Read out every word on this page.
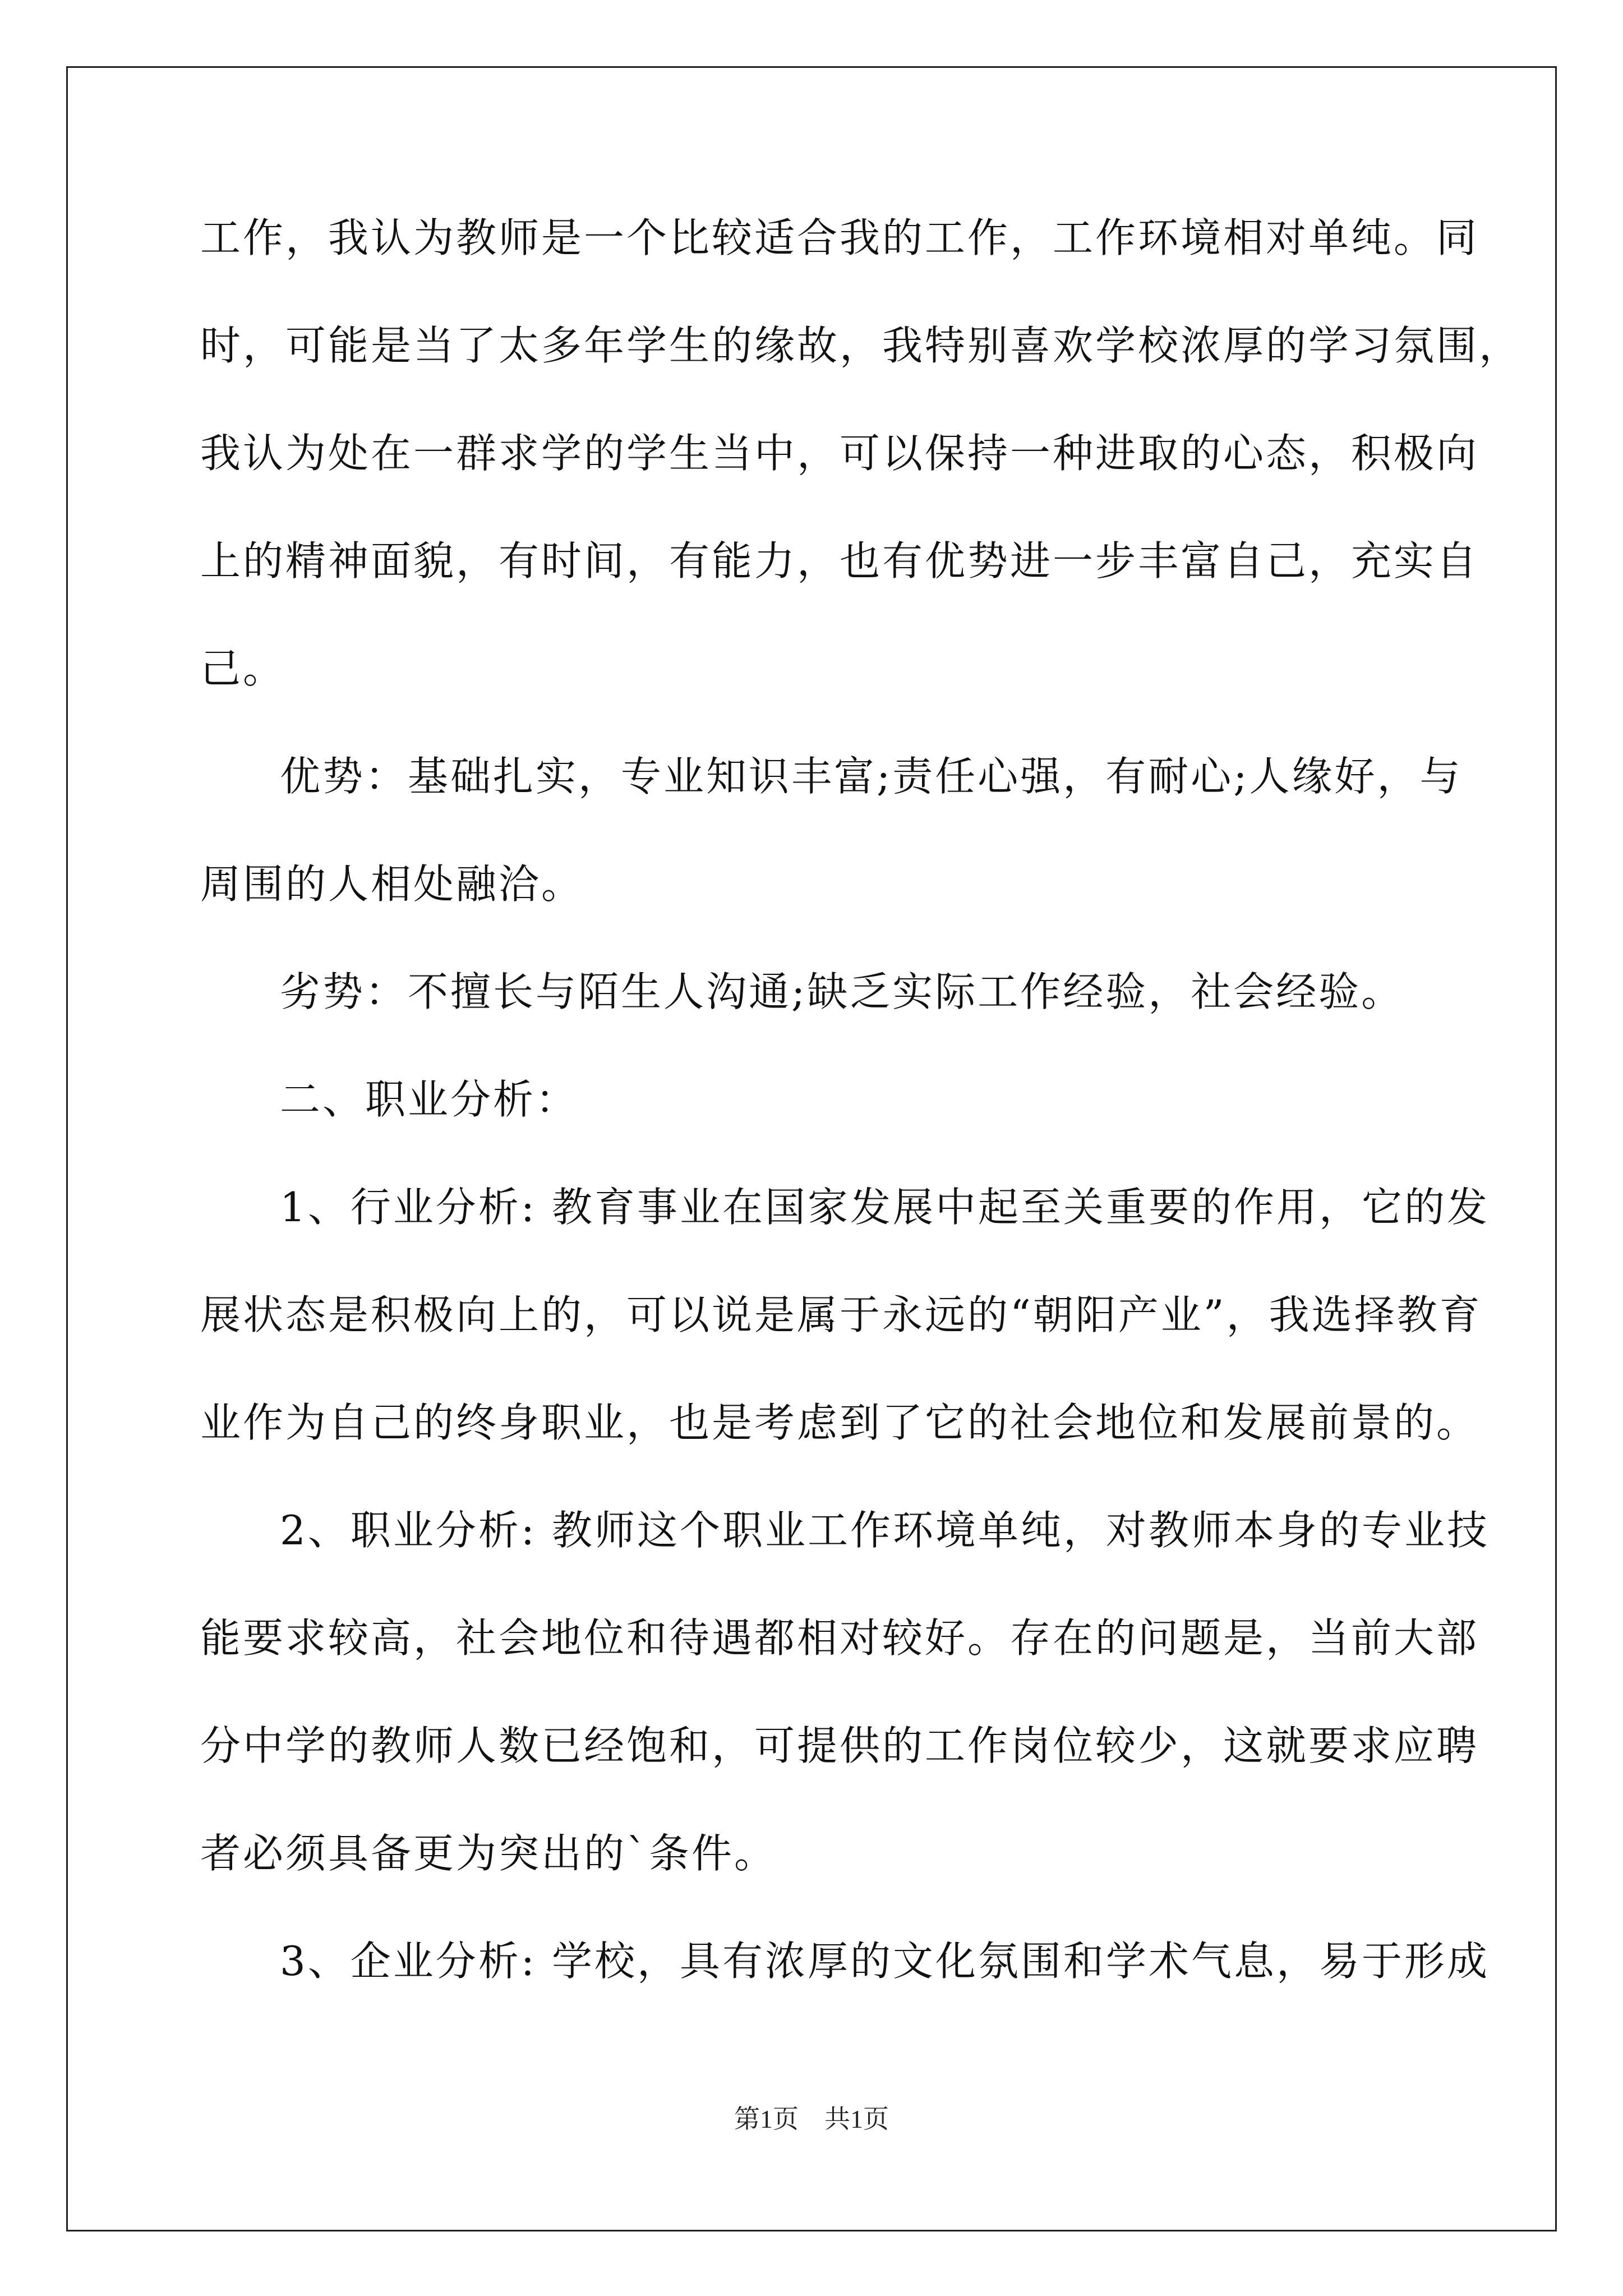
工作，我认为教师是一个比较适合我的工作，工作环境相对单纯。同
时，可能是当了太多年学生的缘故，我特别喜欢学校浓厚的学习氛围，
我认为处在一群求学的学生当中，可以保持一种进取的心态，积极向
上的精神面貌，有时间，有能力，也有优势进一步丰富自己，充实自
己。
优势：基础扎实，专业知识丰富;责任心强，有耐心;人缘好，与
周围的人相处融洽。
劣势：不擅长与陌生人沟通;缺乏实际工作经验，社会经验。
二、职业分析：
1、行业分析: 教育事业在国家发展中起至关重要的作用，它的发
展状态是积极向上的，可以说是属于永远的“朝阳产业”，我选择教育
业作为自己的终身职业，也是考虑到了它的社会地位和发展前景的。
2、职业分析: 教师这个职业工作环境单纯，对教师本身的专业技
能要求较高，社会地位和待遇都相对较好。存在的问题是，当前大部
分中学的教师人数已经饱和，可提供的工作岗位较少，这就要求应聘
者必须具备更为突出的`条件。
3、企业分析: 学校，具有浓厚的文化氛围和学术气息，易于形成
第1页　共1页
